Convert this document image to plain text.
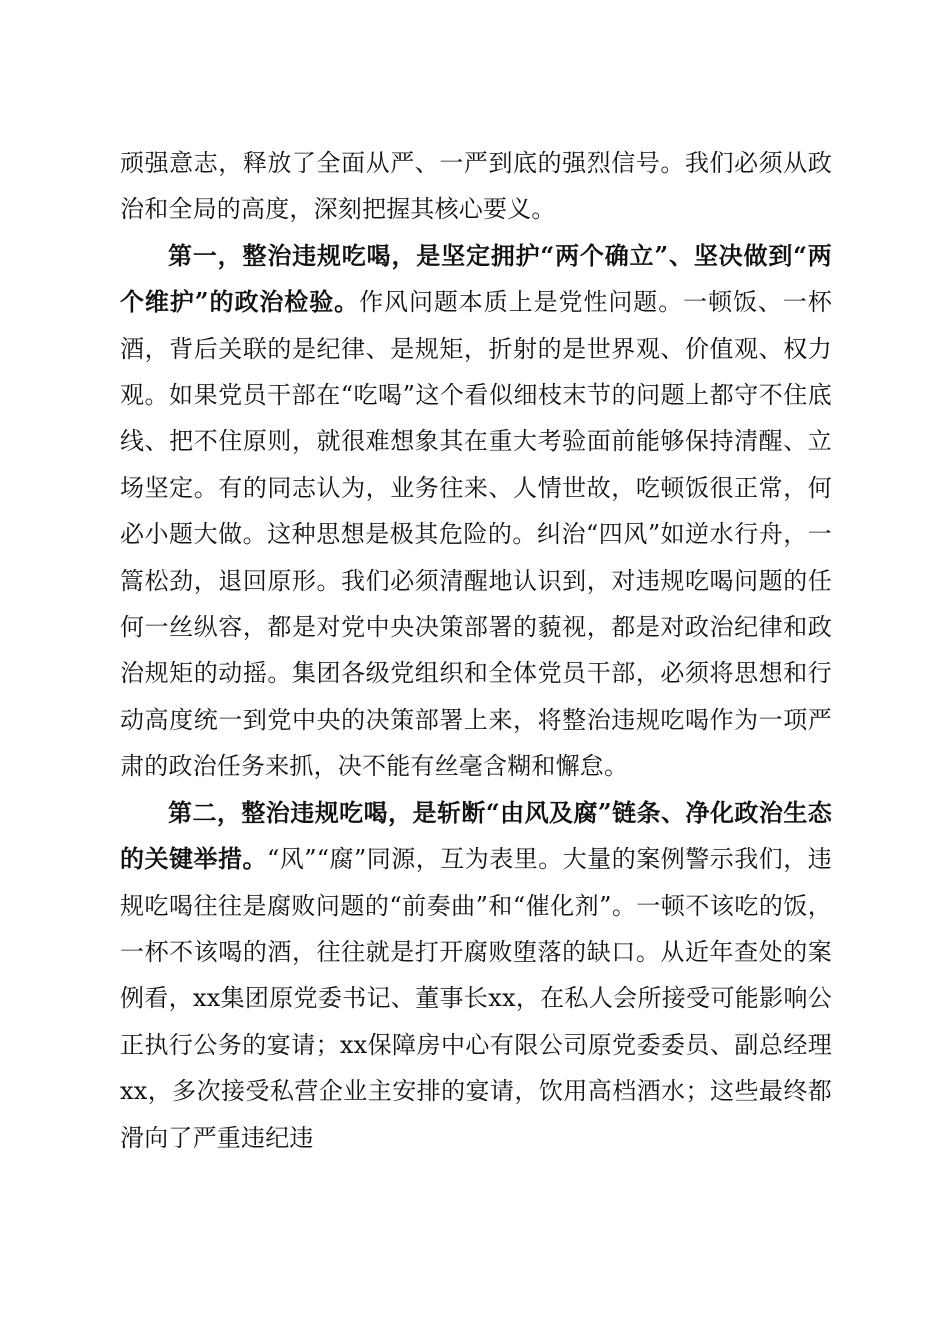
顽强意志，释放了全面从严、一严到底的强烈信号。我们必须从政治和全局的高度，深刻把握其核心要义。

第一，整治违规吃喝，是坚定拥护“两个确立”、坚决做到“两个维护”的政治检验。作风问题本质上是党性问题。一顿饭、一杯酒，背后关联的是纪律、是规矩，折射的是世界观、价值观、权力观。如果党员干部在“吃喝”这个看似细枝末节的问题上都守不住底线、把不住原则，就很难想象其在重大考验面前能够保持清醒、立场坚定。有的同志认为，业务往来、人情世故，吃顿饭很正常，何必小题大做。这种思想是极其危险的。纠治“四风”如逆水行舟，一篙松劲，退回原形。我们必须清醒地认识到，对违规吃喝问题的任何一丝纵容，都是对党中央决策部署的藐视，都是对政治纪律和政治规矩的动摇。集团各级党组织和全体党员干部，必须将思想和行动高度统一到党中央的决策部署上来，将整治违规吃喝作为一项严肃的政治任务来抓，决不能有丝毫含糊和懈怠。

第二，整治违规吃喝，是斩断“由风及腐”链条、净化政治生态的关键举措。“风”“腐”同源，互为表里。大量的案例警示我们，违规吃喝往往是腐败问题的“前奏曲”和“催化剂”。一顿不该吃的饭，一杯不该喝的酒，往往就是打开腐败堕落的缺口。从近年查处的案例看，xx集团原党委书记、董事长xx，在私人会所接受可能影响公正执行公务的宴请；xx保障房中心有限公司原党委委员、副总经理xx，多次接受私营企业主安排的宴请，饮用高档酒水；这些最终都滑向了严重违纪违
